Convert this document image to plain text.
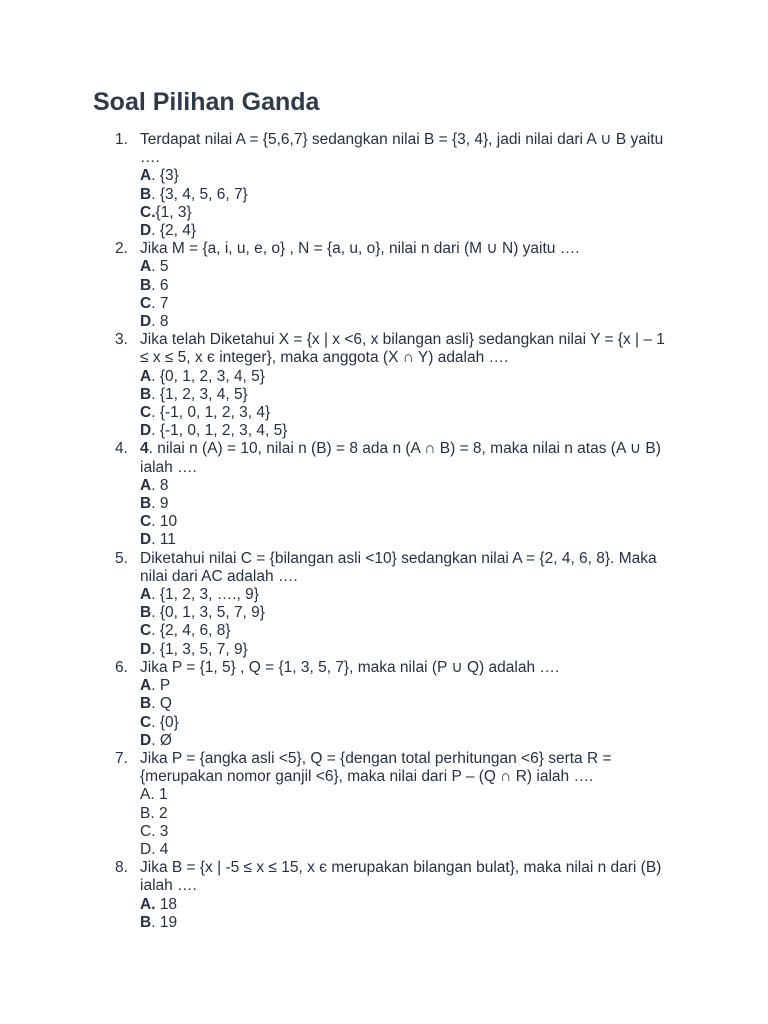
Soal Pilihan Ganda
1. Terdapat nilai A = {5,6,7} sedangkan nilai B = {3, 4}, jadi nilai dari A ∪ B yaitu ….
A. {3}
B. {3, 4, 5, 6, 7}
C.{1, 3}
D. {2, 4}
2. Jika M = {a, i, u, e, o} , N = {a, u, o}, nilai n dari (M ∪ N) yaitu ….
A. 5
B. 6
C. 7
D. 8
3. Jika telah Diketahui X = {x | x <6, x bilangan asli} sedangkan nilai Y = {x | – 1 ≤ x ≤ 5, x є integer}, maka anggota (X ∩ Y) adalah ….
A. {0, 1, 2, 3, 4, 5}
B. {1, 2, 3, 4, 5}
C. {-1, 0, 1, 2, 3, 4}
D. {-1, 0, 1, 2, 3, 4, 5}
4. 4. nilai n (A) = 10, nilai n (B) = 8 ada n (A ∩ B) = 8, maka nilai n atas (A ∪ B) ialah ….
A. 8
B. 9
C. 10
D. 11
5. Diketahui nilai C = {bilangan asli <10} sedangkan nilai A = {2, 4, 6, 8}. Maka nilai dari AC adalah ….
A. {1, 2, 3, …., 9}
B. {0, 1, 3, 5, 7, 9}
C. {2, 4, 6, 8}
D. {1, 3, 5, 7, 9}
6. Jika P = {1, 5} , Q = {1, 3, 5, 7}, maka nilai (P ∪ Q) adalah ….
A. P
B. Q
C. {0}
D. Ø
7. Jika P = {angka asli <5}, Q = {dengan total perhitungan <6} serta R = {merupakan nomor ganjil <6}, maka nilai dari P – (Q ∩ R) ialah ….
A. 1
B. 2
C. 3
D. 4
8. Jika B = {x | -5 ≤ x ≤ 15, x є merupakan bilangan bulat}, maka nilai n dari (B) ialah ….
A. 18
B. 19
